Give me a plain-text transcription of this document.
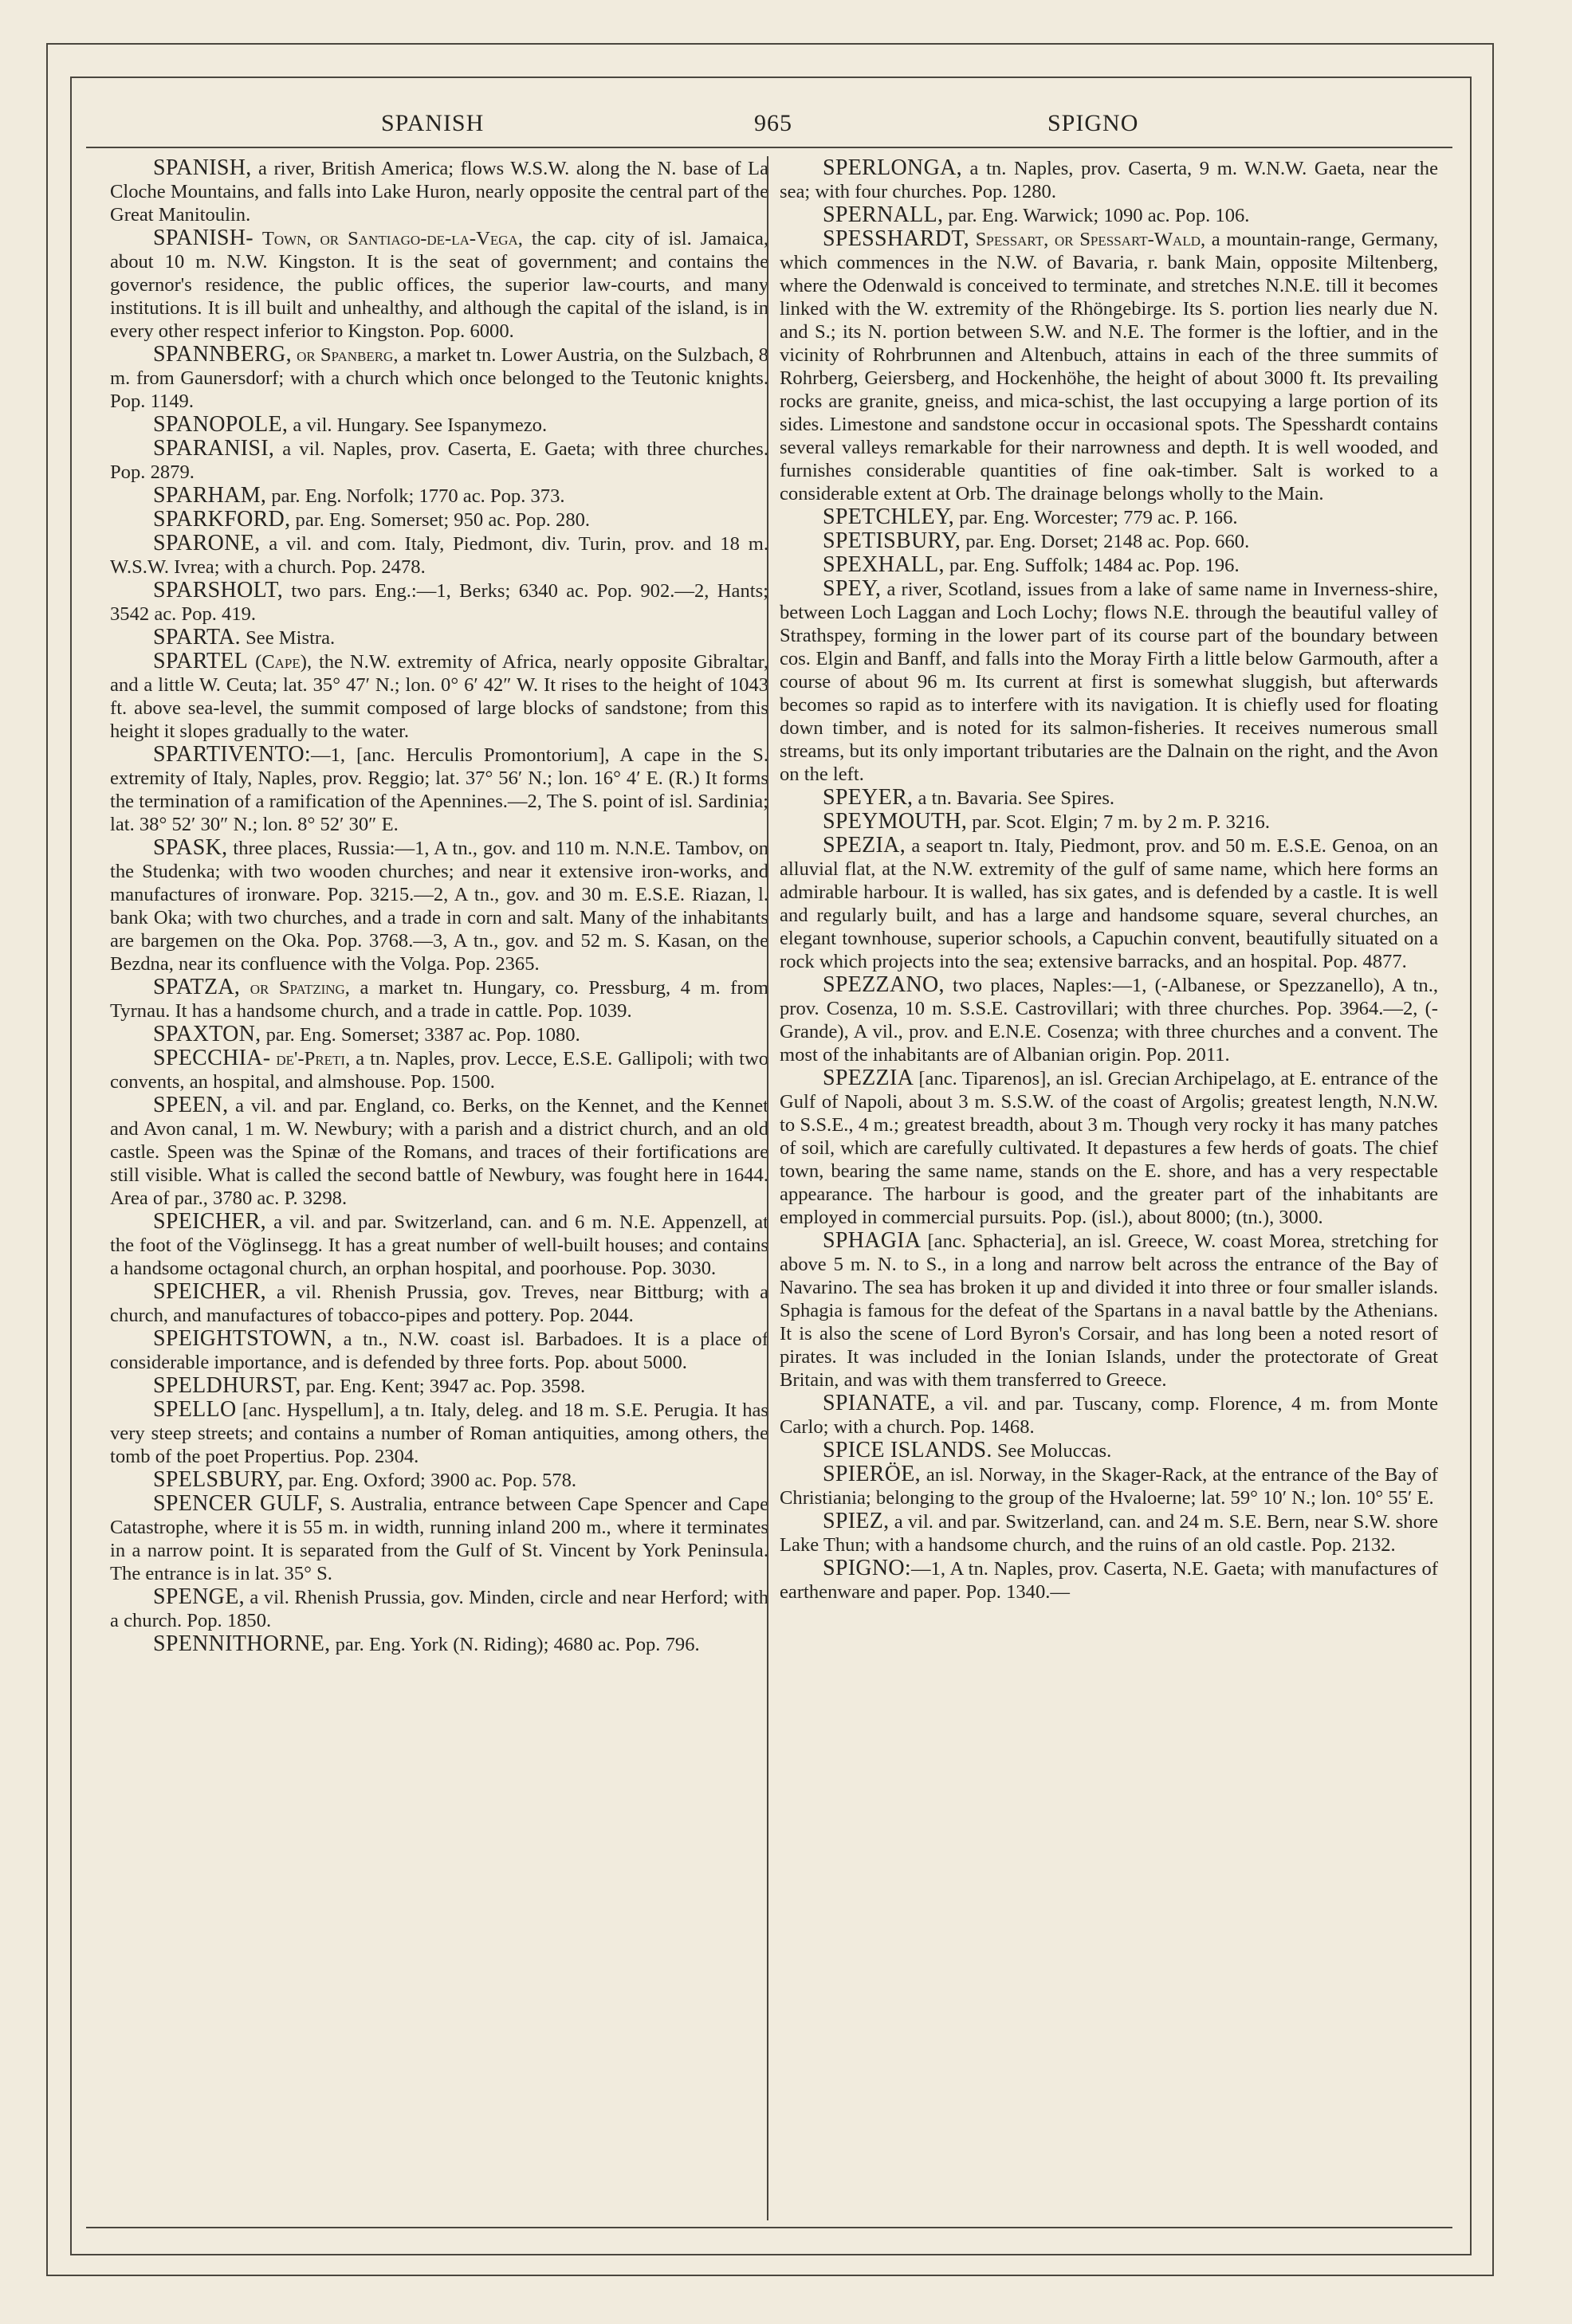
SPANISH	965	SPIGNO

SPANISH, a river, British America; flows W.S.W. along the N. base of La Cloche Mountains, and falls into Lake Huron, nearly opposite the central part of the Great Manitoulin.

SPANISH- Town, or Santiago-de-la-Vega, the cap. city of isl. Jamaica, about 10 m. N.W. Kingston. It is the seat of government; and contains the governor's residence, the public offices, the superior law-courts, and many institutions. It is ill built and unhealthy, and although the capital of the island, is in every other respect inferior to Kingston. Pop. 6000.

SPANNBERG, or Spanberg, a market tn. Lower Austria, on the Sulzbach, 8 m. from Gaunersdorf; with a church which once belonged to the Teutonic knights. Pop. 1149.

SPANOPOLE, a vil. Hungary. See Ispanymezo.

SPARANISI, a vil. Naples, prov. Caserta, E. Gaeta; with three churches. Pop. 2879.

SPARHAM, par. Eng. Norfolk; 1770 ac. Pop. 373.

SPARKFORD, par. Eng. Somerset; 950 ac. Pop. 280.

SPARONE, a vil. and com. Italy, Piedmont, div. Turin, prov. and 18 m. W.S.W. Ivrea; with a church. Pop. 2478.

SPARSHOLT, two pars. Eng.:—1, Berks; 6340 ac. Pop. 902.—2, Hants; 3542 ac. Pop. 419.

SPARTA. See Mistra.

SPARTEL (Cape), the N.W. extremity of Africa, nearly opposite Gibraltar, and a little W. Ceuta; lat. 35° 47′ N.; lon. 0° 6′ 42″ W. It rises to the height of 1043 ft. above sea-level, the summit composed of large blocks of sandstone; from this height it slopes gradually to the water.

SPARTIVENTO:—1, [anc. Herculis Promontorium], A cape in the S. extremity of Italy, Naples, prov. Reggio; lat. 37° 56′ N.; lon. 16° 4′ E. (R.) It forms the termination of a ramification of the Apennines.—2, The S. point of isl. Sardinia; lat. 38° 52′ 30″ N.; lon. 8° 52′ 30″ E.

SPASK, three places, Russia:—1, A tn., gov. and 110 m. N.N.E. Tambov, on the Studenka; with two wooden churches; and near it extensive iron-works, and manufactures of ironware. Pop. 3215.—2, A tn., gov. and 30 m. E.S.E. Riazan, l. bank Oka; with two churches, and a trade in corn and salt. Many of the inhabitants are bargemen on the Oka. Pop. 3768.—3, A tn., gov. and 52 m. S. Kasan, on the Bezdna, near its confluence with the Volga. Pop. 2365.

SPATZA, or Spatzing, a market tn. Hungary, co. Pressburg, 4 m. from Tyrnau. It has a handsome church, and a trade in cattle. Pop. 1039.

SPAXTON, par. Eng. Somerset; 3387 ac. Pop. 1080.

SPECCHIA- de'-Preti, a tn. Naples, prov. Lecce, E.S.E. Gallipoli; with two convents, an hospital, and almshouse. Pop. 1500.

SPEEN, a vil. and par. England, co. Berks, on the Kennet, and the Kennet and Avon canal, 1 m. W. Newbury; with a parish and a district church, and an old castle. Speen was the Spinæ of the Romans, and traces of their fortifications are still visible. What is called the second battle of Newbury, was fought here in 1644. Area of par., 3780 ac. P. 3298.

SPEICHER, a vil. and par. Switzerland, can. and 6 m. N.E. Appenzell, at the foot of the Vöglinsegg. It has a great number of well-built houses; and contains a handsome octagonal church, an orphan hospital, and poorhouse. Pop. 3030.

SPEICHER, a vil. Rhenish Prussia, gov. Treves, near Bittburg; with a church, and manufactures of tobacco-pipes and pottery. Pop. 2044.

SPEIGHTSTOWN, a tn., N.W. coast isl. Barbadoes. It is a place of considerable importance, and is defended by three forts. Pop. about 5000.

SPELDHURST, par. Eng. Kent; 3947 ac. Pop. 3598.

SPELLO [anc. Hyspellum], a tn. Italy, deleg. and 18 m. S.E. Perugia. It has very steep streets; and contains a number of Roman antiquities, among others, the tomb of the poet Propertius. Pop. 2304.

SPELSBURY, par. Eng. Oxford; 3900 ac. Pop. 578.

SPENCER GULF, S. Australia, entrance between Cape Spencer and Cape Catastrophe, where it is 55 m. in width, running inland 200 m., where it terminates in a narrow point. It is separated from the Gulf of St. Vincent by York Peninsula. The entrance is in lat. 35° S.

SPENGE, a vil. Rhenish Prussia, gov. Minden, circle and near Herford; with a church. Pop. 1850.

SPENNITHORNE, par. Eng. York (N. Riding); 4680 ac. Pop. 796.

SPERLONGA, a tn. Naples, prov. Caserta, 9 m. W.N.W. Gaeta, near the sea; with four churches. Pop. 1280.

SPERNALL, par. Eng. Warwick; 1090 ac. Pop. 106.

SPESSHARDT, Spessart, or Spessart-Wald, a mountain-range, Germany, which commences in the N.W. of Bavaria, r. bank Main, opposite Miltenberg, where the Odenwald is conceived to terminate, and stretches N.N.E. till it becomes linked with the W. extremity of the Rhöngebirge. Its S. portion lies nearly due N. and S.; its N. portion between S.W. and N.E. The former is the loftier, and in the vicinity of Rohrbrunnen and Altenbuch, attains in each of the three summits of Rohrberg, Geiersberg, and Hockenhöhe, the height of about 3000 ft. Its prevailing rocks are granite, gneiss, and mica-schist, the last occupying a large portion of its sides. Limestone and sandstone occur in occasional spots. The Spesshardt contains several valleys remarkable for their narrowness and depth. It is well wooded, and furnishes considerable quantities of fine oak-timber. Salt is worked to a considerable extent at Orb. The drainage belongs wholly to the Main.

SPETCHLEY, par. Eng. Worcester; 779 ac. P. 166.

SPETISBURY, par. Eng. Dorset; 2148 ac. Pop. 660.

SPEXHALL, par. Eng. Suffolk; 1484 ac. Pop. 196.

SPEY, a river, Scotland, issues from a lake of same name in Inverness-shire, between Loch Laggan and Loch Lochy; flows N.E. through the beautiful valley of Strathspey, forming in the lower part of its course part of the boundary between cos. Elgin and Banff, and falls into the Moray Firth a little below Garmouth, after a course of about 96 m. Its current at first is somewhat sluggish, but afterwards becomes so rapid as to interfere with its navigation. It is chiefly used for floating down timber, and is noted for its salmon-fisheries. It receives numerous small streams, but its only important tributaries are the Dalnain on the right, and the Avon on the left.

SPEYER, a tn. Bavaria. See Spires.

SPEYMOUTH, par. Scot. Elgin; 7 m. by 2 m. P. 3216.

SPEZIA, a seaport tn. Italy, Piedmont, prov. and 50 m. E.S.E. Genoa, on an alluvial flat, at the N.W. extremity of the gulf of same name, which here forms an admirable harbour. It is walled, has six gates, and is defended by a castle. It is well and regularly built, and has a large and handsome square, several churches, an elegant townhouse, superior schools, a Capuchin convent, beautifully situated on a rock which projects into the sea; extensive barracks, and an hospital. Pop. 4877.

SPEZZANO, two places, Naples:—1, (-Albanese, or Spezzanello), A tn., prov. Cosenza, 10 m. S.S.E. Castrovillari; with three churches. Pop. 3964.—2, (-Grande), A vil., prov. and E.N.E. Cosenza; with three churches and a convent. The most of the inhabitants are of Albanian origin. Pop. 2011.

SPEZZIA [anc. Tiparenos], an isl. Grecian Archipelago, at E. entrance of the Gulf of Napoli, about 3 m. S.S.W. of the coast of Argolis; greatest length, N.N.W. to S.S.E., 4 m.; greatest breadth, about 3 m. Though very rocky it has many patches of soil, which are carefully cultivated. It depastures a few herds of goats. The chief town, bearing the same name, stands on the E. shore, and has a very respectable appearance. The harbour is good, and the greater part of the inhabitants are employed in commercial pursuits. Pop. (isl.), about 8000; (tn.), 3000.

SPHAGIA [anc. Sphacteria], an isl. Greece, W. coast Morea, stretching for above 5 m. N. to S., in a long and narrow belt across the entrance of the Bay of Navarino. The sea has broken it up and divided it into three or four smaller islands. Sphagia is famous for the defeat of the Spartans in a naval battle by the Athenians. It is also the scene of Lord Byron's Corsair, and has long been a noted resort of pirates. It was included in the Ionian Islands, under the protectorate of Great Britain, and was with them transferred to Greece.

SPIANATE, a vil. and par. Tuscany, comp. Florence, 4 m. from Monte Carlo; with a church. Pop. 1468.

SPICE ISLANDS. See Moluccas.

SPIERÖE, an isl. Norway, in the Skager-Rack, at the entrance of the Bay of Christiania; belonging to the group of the Hvaloerne; lat. 59° 10′ N.; lon. 10° 55′ E.

SPIEZ, a vil. and par. Switzerland, can. and 24 m. S.E. Bern, near S.W. shore Lake Thun; with a handsome church, and the ruins of an old castle. Pop. 2132.

SPIGNO:—1, A tn. Naples, prov. Caserta, N.E. Gaeta; with manufactures of earthenware and paper. Pop. 1340.—
